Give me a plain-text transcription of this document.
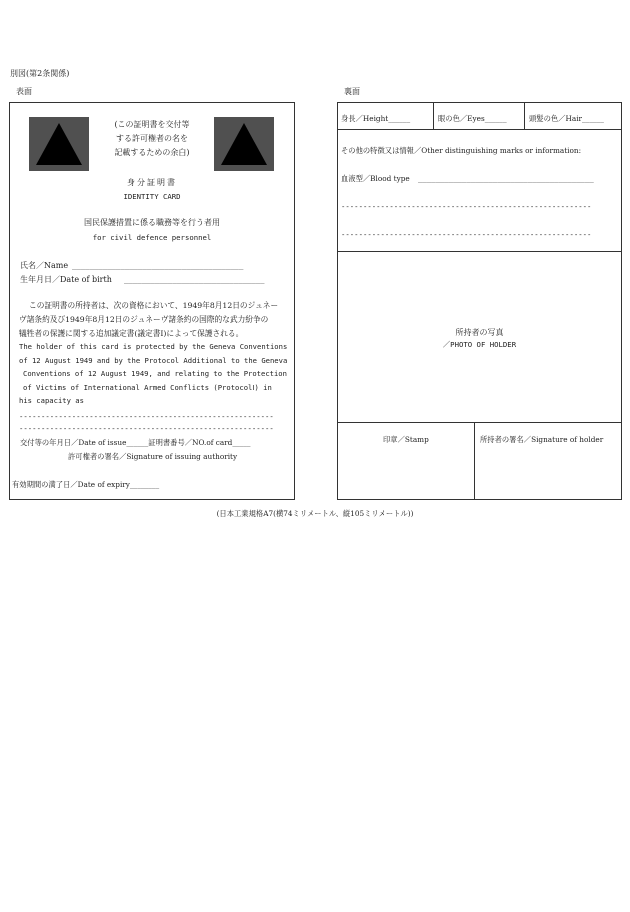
別図(第2条関係)
表面	裏面
(この証明書を交付等
する許可権者の名を
記載するための余白)
身分証明書
IDENTITY CARD
国民保護措置に係る職務等を行う者用
for civil defence personnel
氏名／Name _______________________________________
生年月日／Date of birth ________________________________
この証明書の所持者は、次の資格において、1949年8月12日のジュネー
ヴ諸条約及び1949年8月12日のジュネーヴ諸条約の国際的な武力紛争の
犠牲者の保護に関する追加議定書(議定書Ⅰ)によって保護される。
The holder of this card is protected by the Geneva Conventions
of 12 August 1949 and by the Protocol Additional to the Geneva
Conventions of 12 August 1949, and relating to the Protection
of Victims of International Armed Conflicts (ProtocolⅠ) in
his capacity as
----------------------------------------------------------
----------------------------------------------------------
交付等の年月日／Date of issue______証明書番号／NO.of card_____
許可権者の署名／Signature of issuing authority
有効期間の満了日／Date of expiry________
身長／Height______	眼の色／Eyes______	頭髪の色／Hair______
その他の特徴又は情報／Other distinguishing marks or information:
血液型／Blood type ________________________________________
---------------------------------------------------------
---------------------------------------------------------
所持者の写真
／PHOTO OF HOLDER
印章／Stamp	所持者の署名／Signature of holder
(日本工業規格A7(横74ミリメートル、縦105ミリメートル))
